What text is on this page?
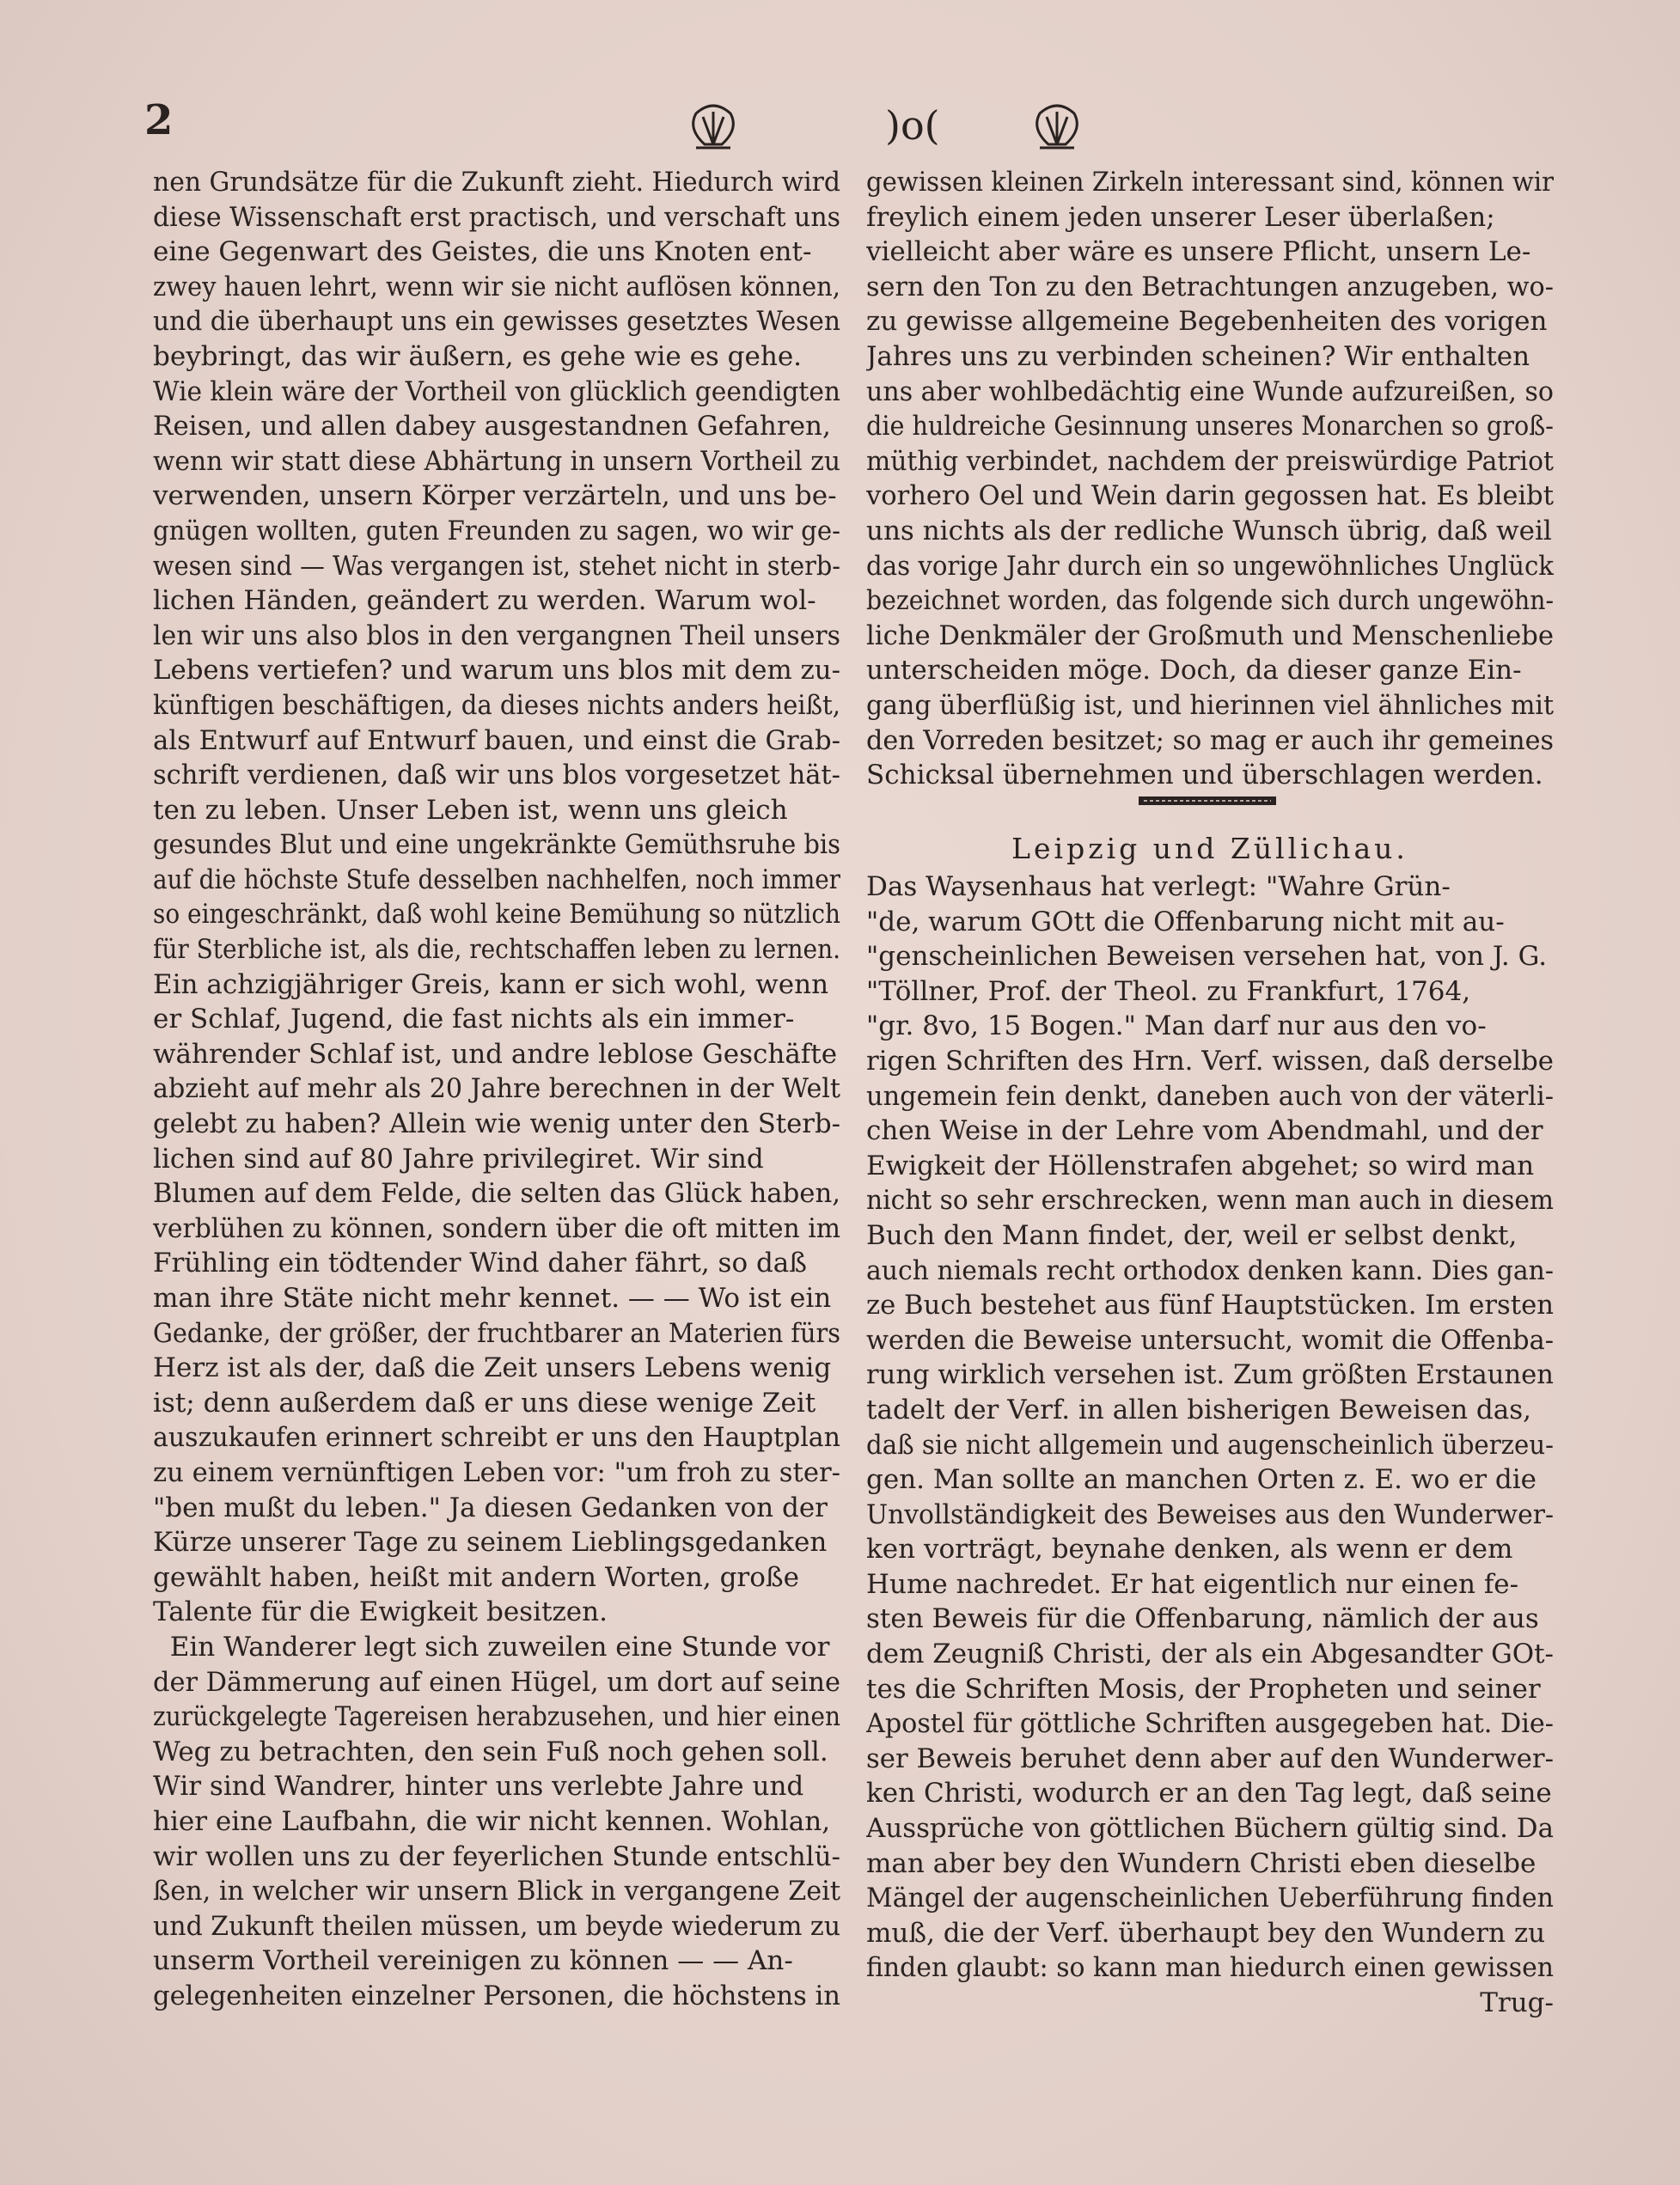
2	)o(
nen Grundsätze für die Zukunft zieht. Hiedurch wird
diese Wissenschaft erst practisch, und verschaft uns
eine Gegenwart des Geistes, die uns Knoten ent-
zwey hauen lehrt, wenn wir sie nicht auflösen können,
und die überhaupt uns ein gewisses gesetztes Wesen
beybringt, das wir äußern, es gehe wie es gehe.
Wie klein wäre der Vortheil von glücklich geendigten
Reisen, und allen dabey ausgestandnen Gefahren,
wenn wir statt diese Abhärtung in unsern Vortheil zu
verwenden, unsern Körper verzärteln, und uns be-
gnügen wollten, guten Freunden zu sagen, wo wir ge-
wesen sind — Was vergangen ist, stehet nicht in sterb-
lichen Händen, geändert zu werden. Warum wol-
len wir uns also blos in den vergangnen Theil unsers
Lebens vertiefen? und warum uns blos mit dem zu-
künftigen beschäftigen, da dieses nichts anders heißt,
als Entwurf auf Entwurf bauen, und einst die Grab-
schrift verdienen, daß wir uns blos vorgesetzet hät-
ten zu leben. Unser Leben ist, wenn uns gleich
gesundes Blut und eine ungekränkte Gemüthsruhe bis
auf die höchste Stufe desselben nachhelfen, noch immer
so eingeschränkt, daß wohl keine Bemühung so nützlich
für Sterbliche ist, als die, rechtschaffen leben zu lernen.
Ein achzigjähriger Greis, kann er sich wohl, wenn
er Schlaf, Jugend, die fast nichts als ein immer-
währender Schlaf ist, und andre leblose Geschäfte
abzieht auf mehr als 20 Jahre berechnen in der Welt
gelebt zu haben? Allein wie wenig unter den Sterb-
lichen sind auf 80 Jahre privilegiret. Wir sind
Blumen auf dem Felde, die selten das Glück haben,
verblühen zu können, sondern über die oft mitten im
Frühling ein tödtender Wind daher fährt, so daß
man ihre Stäte nicht mehr kennet. — — Wo ist ein
Gedanke, der größer, der fruchtbarer an Materien fürs
Herz ist als der, daß die Zeit unsers Lebens wenig
ist; denn außerdem daß er uns diese wenige Zeit
auszukaufen erinnert schreibt er uns den Hauptplan
zu einem vernünftigen Leben vor: "um froh zu ster-
"ben mußt du leben." Ja diesen Gedanken von der
Kürze unserer Tage zu seinem Lieblingsgedanken
gewählt haben, heißt mit andern Worten, große
Talente für die Ewigkeit besitzen.
Ein Wanderer legt sich zuweilen eine Stunde vor
der Dämmerung auf einen Hügel, um dort auf seine
zurückgelegte Tagereisen herabzusehen, und hier einen
Weg zu betrachten, den sein Fuß noch gehen soll.
Wir sind Wandrer, hinter uns verlebte Jahre und
hier eine Laufbahn, die wir nicht kennen. Wohlan,
wir wollen uns zu der feyerlichen Stunde entschlü-
ßen, in welcher wir unsern Blick in vergangene Zeit
und Zukunft theilen müssen, um beyde wiederum zu
unserm Vortheil vereinigen zu können — — An-
gelegenheiten einzelner Personen, die höchstens in
gewissen kleinen Zirkeln interessant sind, können wir
freylich einem jeden unserer Leser überlaßen;
vielleicht aber wäre es unsere Pflicht, unsern Le-
sern den Ton zu den Betrachtungen anzugeben, wo-
zu gewisse allgemeine Begebenheiten des vorigen
Jahres uns zu verbinden scheinen? Wir enthalten
uns aber wohlbedächtig eine Wunde aufzureißen, so
die huldreiche Gesinnung unseres Monarchen so groß-
müthig verbindet, nachdem der preiswürdige Patriot
vorhero Oel und Wein darin gegossen hat. Es bleibt
uns nichts als der redliche Wunsch übrig, daß weil
das vorige Jahr durch ein so ungewöhnliches Unglück
bezeichnet worden, das folgende sich durch ungewöhn-
liche Denkmäler der Großmuth und Menschenliebe
unterscheiden möge. Doch, da dieser ganze Ein-
gang überflüßig ist, und hierinnen viel ähnliches mit
den Vorreden besitzet; so mag er auch ihr gemeines
Schicksal übernehmen und überschlagen werden.
Leipzig und Züllichau.
Das Waysenhaus hat verlegt: "Wahre Grün-
"de, warum GOtt die Offenbarung nicht mit au-
"genscheinlichen Beweisen versehen hat, von J. G.
"Töllner, Prof. der Theol. zu Frankfurt, 1764,
"gr. 8vo, 15 Bogen." Man darf nur aus den vo-
rigen Schriften des Hrn. Verf. wissen, daß derselbe
ungemein fein denkt, daneben auch von der väterli-
chen Weise in der Lehre vom Abendmahl, und der
Ewigkeit der Höllenstrafen abgehet; so wird man
nicht so sehr erschrecken, wenn man auch in diesem
Buch den Mann findet, der, weil er selbst denkt,
auch niemals recht orthodox denken kann. Dies gan-
ze Buch bestehet aus fünf Hauptstücken. Im ersten
werden die Beweise untersucht, womit die Offenba-
rung wirklich versehen ist. Zum größten Erstaunen
tadelt der Verf. in allen bisherigen Beweisen das,
daß sie nicht allgemein und augenscheinlich überzeu-
gen. Man sollte an manchen Orten z. E. wo er die
Unvollständigkeit des Beweises aus den Wunderwer-
ken vorträgt, beynahe denken, als wenn er dem
Hume nachredet. Er hat eigentlich nur einen fe-
sten Beweis für die Offenbarung, nämlich der aus
dem Zeugniß Christi, der als ein Abgesandter GOt-
tes die Schriften Mosis, der Propheten und seiner
Apostel für göttliche Schriften ausgegeben hat. Die-
ser Beweis beruhet denn aber auf den Wunderwer-
ken Christi, wodurch er an den Tag legt, daß seine
Aussprüche von göttlichen Büchern gültig sind. Da
man aber bey den Wundern Christi eben dieselbe
Mängel der augenscheinlichen Ueberführung finden
muß, die der Verf. überhaupt bey den Wundern zu
finden glaubt: so kann man hiedurch einen gewissen
Trug-
